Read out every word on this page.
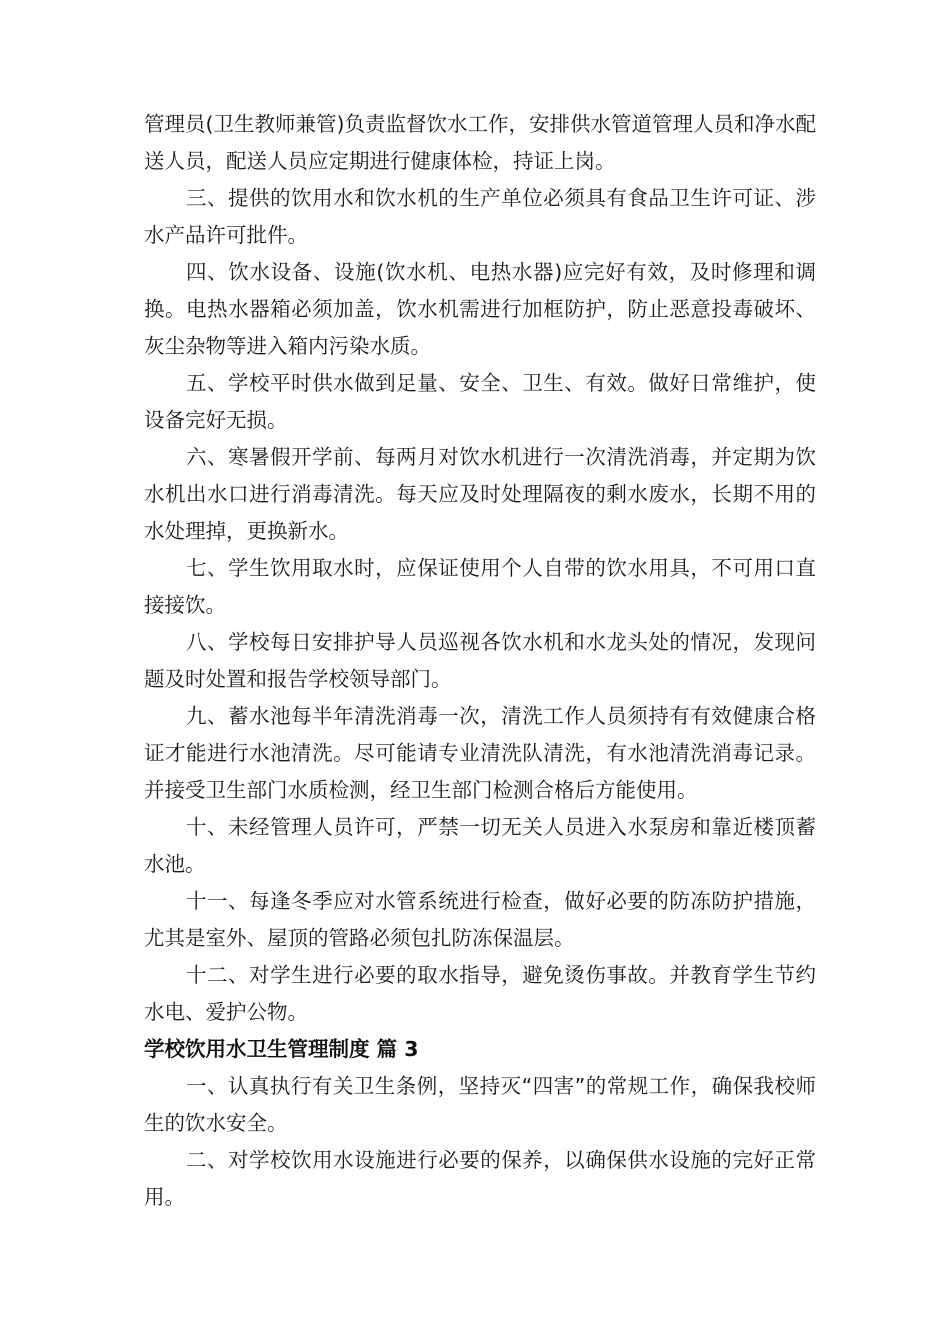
管理员(卫生教师兼管)负责监督饮水工作，安排供水管道管理人员和净水配送人员，配送人员应定期进行健康体检，持证上岗。

三、提供的饮用水和饮水机的生产单位必须具有食品卫生许可证、涉水产品许可批件。

四、饮水设备、设施(饮水机、电热水器)应完好有效，及时修理和调换。电热水器箱必须加盖，饮水机需进行加框防护，防止恶意投毒破坏、灰尘杂物等进入箱内污染水质。

五、学校平时供水做到足量、安全、卫生、有效。做好日常维护，使设备完好无损。

六、寒暑假开学前、每两月对饮水机进行一次清洗消毒，并定期为饮水机出水口进行消毒清洗。每天应及时处理隔夜的剩水废水，长期不用的水处理掉，更换新水。

七、学生饮用取水时，应保证使用个人自带的饮水用具，不可用口直接接饮。

八、学校每日安排护导人员巡视各饮水机和水龙头处的情况，发现问题及时处置和报告学校领导部门。

九、蓄水池每半年清洗消毒一次，清洗工作人员须持有有效健康合格证才能进行水池清洗。尽可能请专业清洗队清洗，有水池清洗消毒记录。并接受卫生部门水质检测，经卫生部门检测合格后方能使用。

十、未经管理人员许可，严禁一切无关人员进入水泵房和靠近楼顶蓄水池。

十一、每逢冬季应对水管系统进行检查，做好必要的防冻防护措施，尤其是室外、屋顶的管路必须包扎防冻保温层。

十二、对学生进行必要的取水指导，避免烫伤事故。并教育学生节约水电、爱护公物。

学校饮用水卫生管理制度 篇 3

一、认真执行有关卫生条例，坚持灭“四害”的常规工作，确保我校师生的饮水安全。

二、对学校饮用水设施进行必要的保养，以确保供水设施的完好正常用。
